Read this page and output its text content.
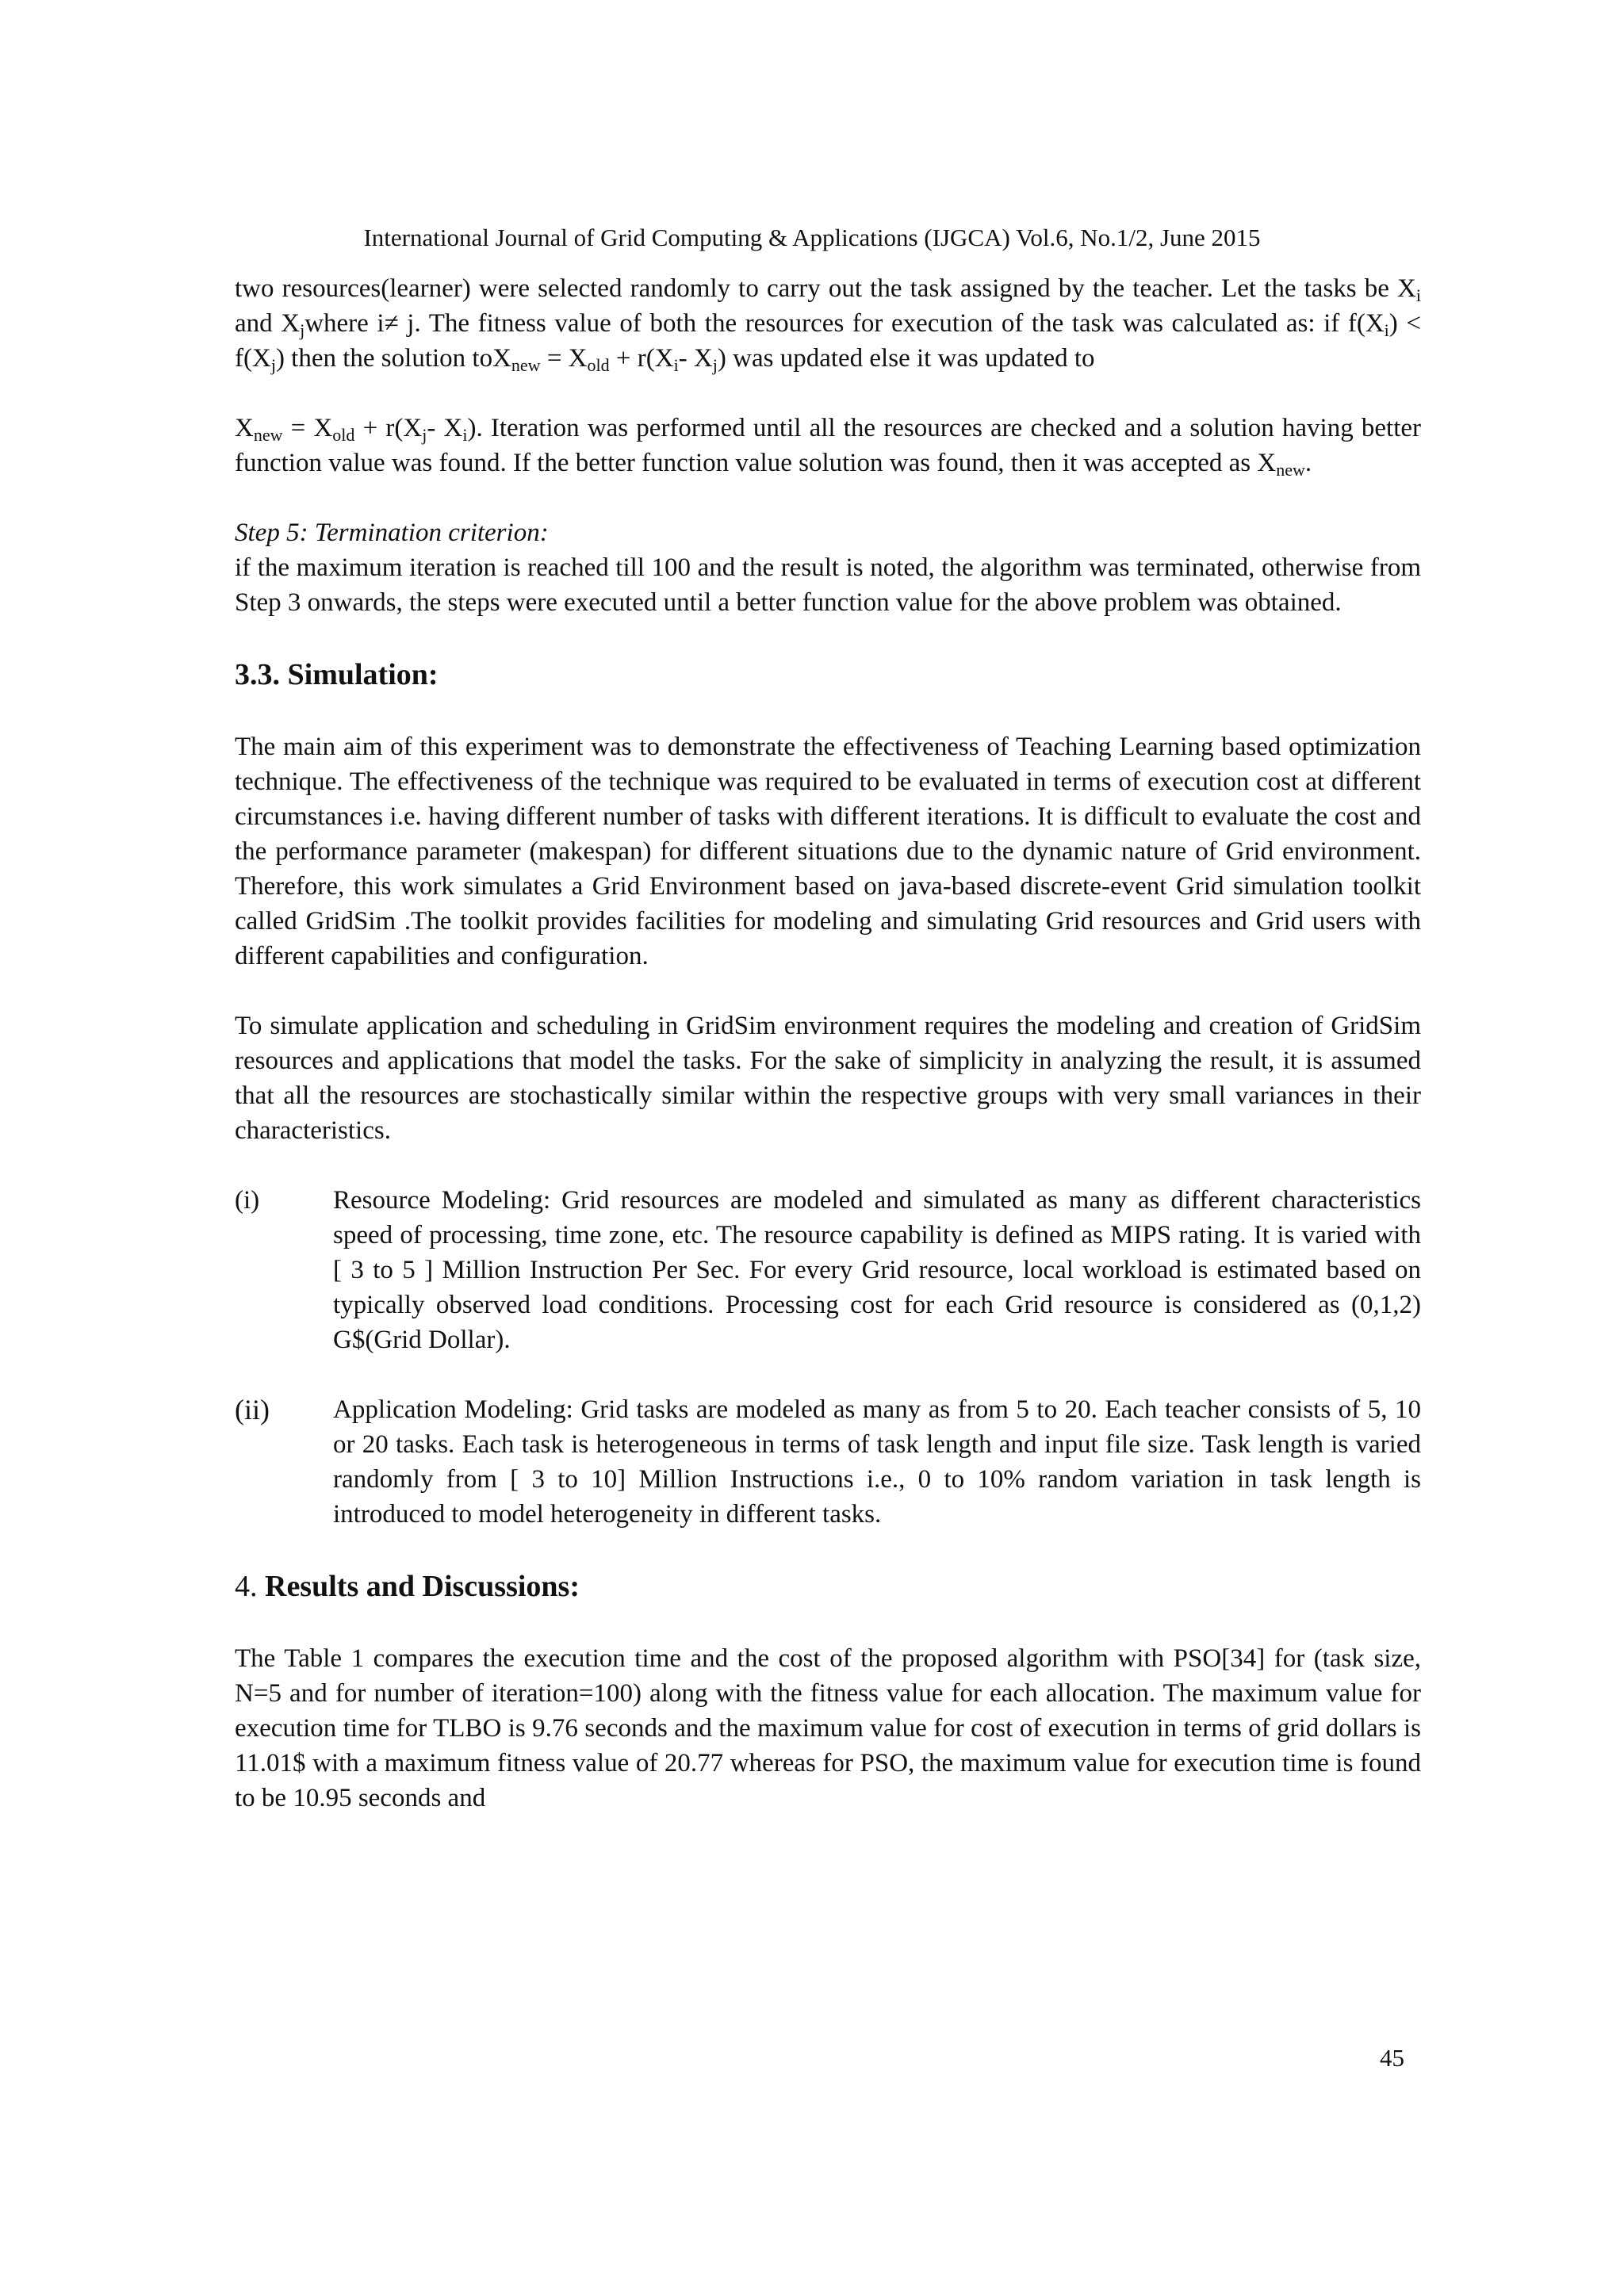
International Journal of Grid Computing & Applications (IJGCA) Vol.6, No.1/2, June 2015

two resources(learner) were selected randomly to carry out the task assigned by the teacher. Let the tasks be $X_i$ and $X_jwhere$ i≠ j. The fitness value of both the resources for execution of the task was calculated as: if $f(X_i) < f(X_j)$ then the solution $toX_{new} = X_{old} + r(X_i-$ $X_j$) was updated else it was updated to

$X_{new} = X_{old} + r(X_j-$ $X_i$). Iteration was performed until all the resources are checked and a solution having better function value was found. If the better function value solution was found, then it was accepted as $X_{new}$.

Step 5: Termination criterion:

if the maximum iteration is reached till 100 and the result is noted, the algorithm was terminated, otherwise from Step 3 onwards, the steps were executed until a better function value for the above problem was obtained.

3.3. Simulation:

The main aim of this experiment was to demonstrate the effectiveness of Teaching Learning based optimization technique. The effectiveness of the technique was required to be evaluated in terms of execution cost at different circumstances i.e. having different number of tasks with different iterations. It is difficult to evaluate the cost and the performance parameter (makespan) for different situations due to the dynamic nature of Grid environment. Therefore, this work simulates a Grid Environment based on java-based discrete-event Grid simulation toolkit called GridSim .The toolkit provides facilities for modeling and simulating Grid resources and Grid users with different capabilities and configuration.

To simulate application and scheduling in GridSim environment requires the modeling and creation of GridSim resources and applications that model the tasks. For the sake of simplicity in analyzing the result, it is assumed that all the resources are stochastically similar within the respective groups with very small variances in their characteristics.

(i)	Resource Modeling: Grid resources are modeled and simulated as many as different characteristics speed of processing, time zone, etc. The resource capability is defined as MIPS rating. It is varied with [ 3 to 5 ] Million Instruction Per Sec. For every Grid resource, local workload is estimated based on typically observed load conditions. Processing cost for each Grid resource is considered as (0,1,2) G$(Grid Dollar).
(ii)	Application Modeling: Grid tasks are modeled as many as from 5 to 20. Each teacher consists of 5, 10 or 20 tasks. Each task is heterogeneous in terms of task length and input file size. Task length is varied randomly from [ 3 to 10] Million Instructions i.e., 0 to 10% random variation in task length is introduced to model heterogeneity in different tasks.
4. Results and Discussions:

The Table 1 compares the execution time and the cost of the proposed algorithm with PSO[34] for (task size, N=5 and for number of iteration=100) along with the fitness value for each allocation. The maximum value for execution time for TLBO is 9.76 seconds and the maximum value for cost of execution in terms of grid dollars is 11.01$ with a maximum fitness value of 20.77 whereas for PSO, the maximum value for execution time is found to be 10.95 seconds and

45
